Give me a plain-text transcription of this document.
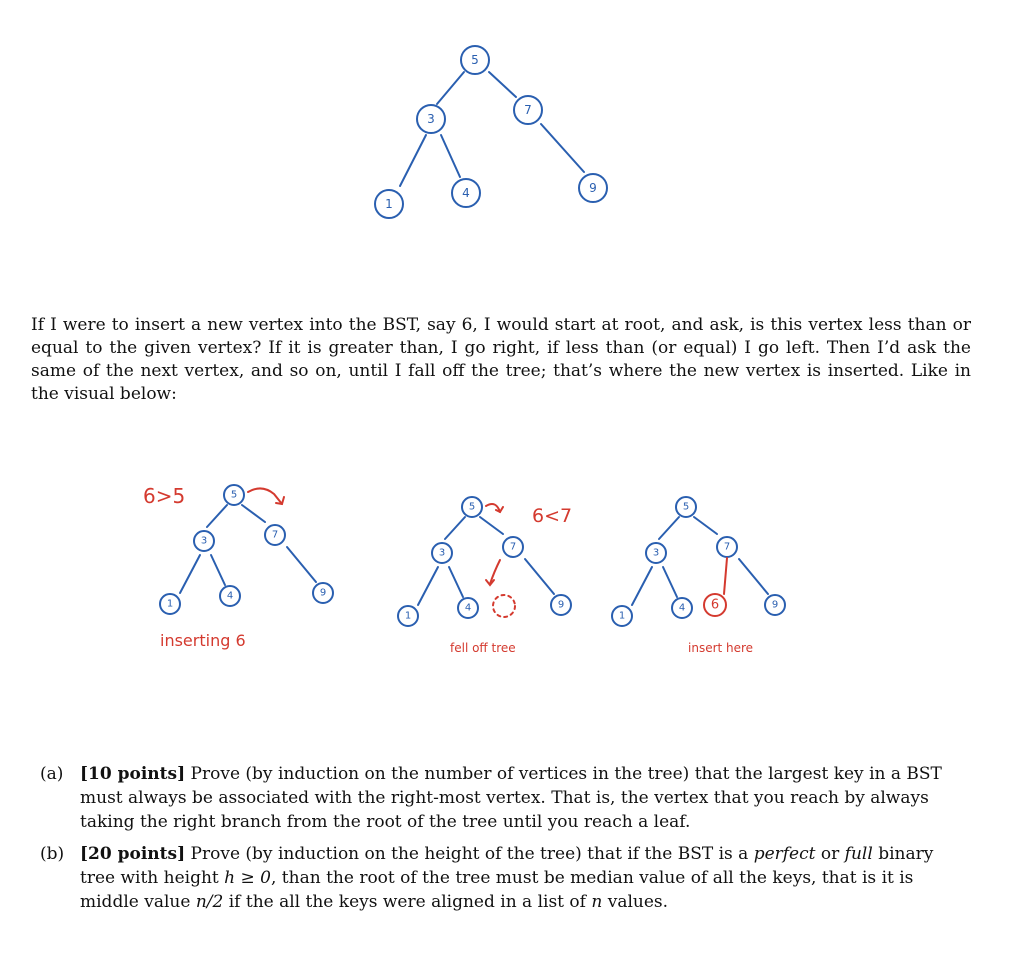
5
3
7
1
4	9
5
3
7
1
4	9
5
3
7
1
4	9
5
3
7
1
4	9
6
6>5
inserting 6
6<7
fell off tree	insert here

If I were to insert a new vertex into the BST, say 6, I would start at root, and ask, is this vertex less than or equal to the given vertex? If it is greater than, I go right, if less than (or equal) I go left. Then I’d ask the same of the next vertex, and so on, until I fall off the tree; that’s where the new vertex is inserted. Like in the visual below:

(a) [10 points] Prove (by induction on the number of vertices in the tree) that the largest key in a BST must always be associated with the right-most vertex. That is, the vertex that you reach by always taking the right branch from the root of the tree until you reach a leaf.
(b) [20 points] Prove (by induction on the height of the tree) that if the BST is a perfect or full binary tree with height h ≥ 0, than the root of the tree must be median value of all the keys, that is it is middle value n/2 if the all the keys were aligned in a list of n values.
